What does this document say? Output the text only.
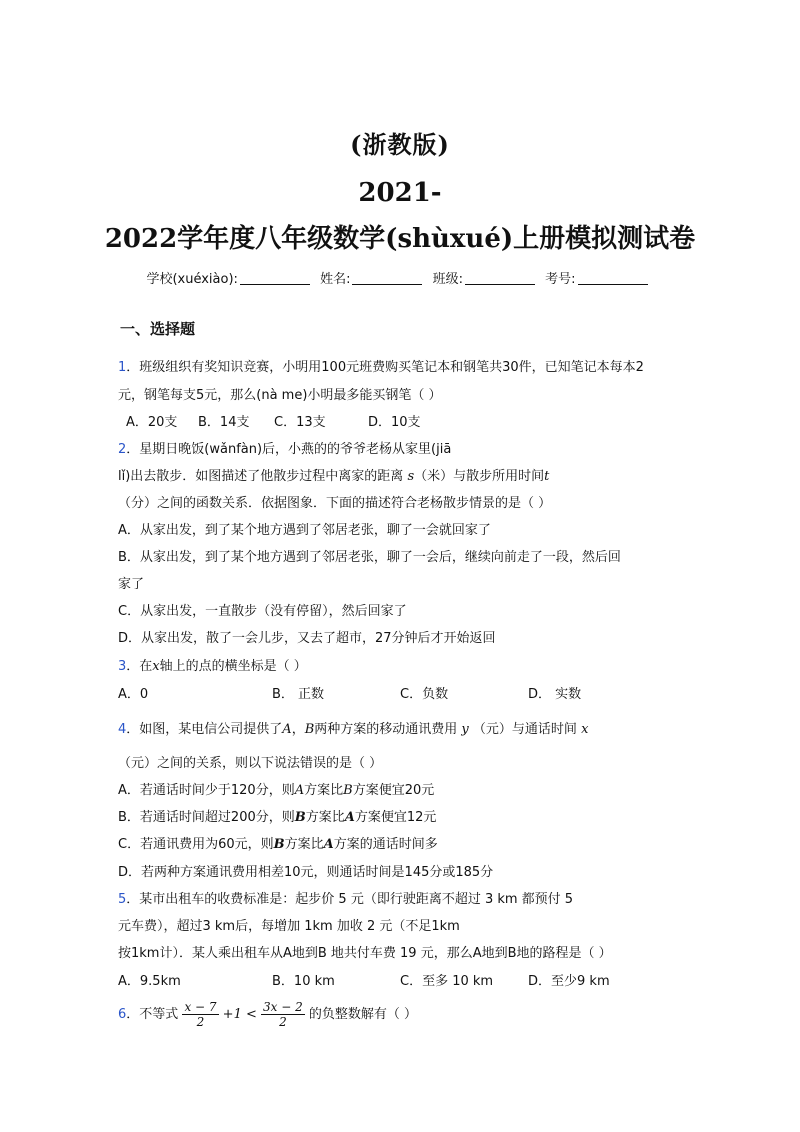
(浙教版)
2021-
2022学年度八年级数学(shùxué)上册模拟测试卷
学校(xuéxiào):	姓名:	班级:	考号:
一、选择题
1．班级组织有奖知识竞赛，小明用100元班费购买笔记本和钢笔共30件，已知笔记本每本2
元，钢笔每支5元，那么(nà me)小明最多能买钢笔（ ）
A．20支 B．14支 C．13支	D．10支
2．星期日晚饭(wǎnfàn)后，小燕的的爷爷老杨从家里(jiā
lǐ)出去散步．如图描述了他散步过程中离家的距离 s（米）与散步所用时间t
（分）之间的函数关系．依据图象．下面的描述符合老杨散步情景的是（ ）
A．从家出发，到了某个地方遇到了邻居老张，聊了一会就回家了
B．从家出发，到了某个地方遇到了邻居老张，聊了一会后，继续向前走了一段，然后回
家了
C．从家出发，一直散步（没有停留），然后回家了
D．从家出发，散了一会儿步，又去了超市，27分钟后才开始返回
3．在x轴上的点的横坐标是（ ）
A．0	B． 正数	C．负数	D． 实数
4．如图，某电信公司提供了A，B两种方案的移动通讯费用 y （元）与通话时间 x
（元）之间的关系，则以下说法错误的是（ ）
A．若通话时间少于120分，则A方案比B方案便宜20元
B．若通话时间超过200分，则B方案比A方案便宜12元
C．若通讯费用为60元，则B方案比A方案的通话时间多
D．若两种方案通讯费用相差10元，则通话时间是145分或185分
5．某市出租车的收费标准是：起步价 5 元（即行驶距离不超过 3 km 都预付 5
元车费），超过3 km后，每增加 1km 加收 2 元（不足1km
按1km计）．某人乘出租车从A地到B 地共付车费 19 元，那么A地到B地的路程是（ ）
A．9.5km	B．10 km	C．至多 10 km	D．至少9 km
6．不等式 $\frac{x - 7}{2} +1 < \frac{3x - 2}{2}$ 的负整数解有（ ）
